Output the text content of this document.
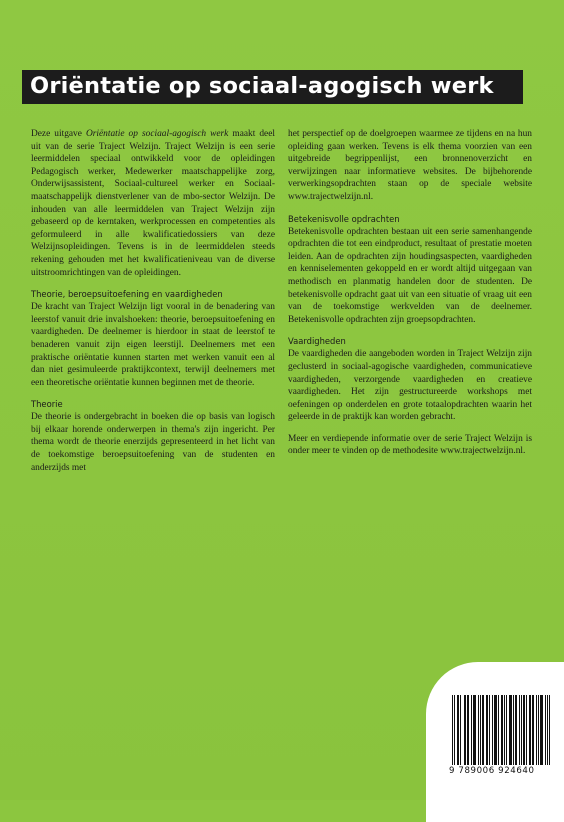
Oriëntatie op sociaal-agogisch werk

Deze uitgave Oriëntatie op sociaal-agogisch werk maakt deel uit van de serie Traject Welzijn. Traject Welzijn is een serie leermiddelen speciaal ontwikkeld voor de opleidingen Pedagogisch werker, Medewerker maatschappelijke zorg, Onderwijsassistent, Sociaal-cultureel werker en Sociaal-maatschappelijk dienstverlener van de mbo-sector Welzijn. De inhouden van alle leermiddelen van Traject Welzijn zijn gebaseerd op de kerntaken, werkprocessen en competenties als geformuleerd in alle kwalificatiedossiers van deze Welzijnsopleidingen. Tevens is in de leermiddelen steeds rekening gehouden met het kwalificatieniveau van de diverse uitstroomrichtingen van de opleidingen.

Theorie, beroepsuitoefening en vaardigheden

De kracht van Traject Welzijn ligt vooral in de benadering van leerstof vanuit drie invalshoeken: theorie, beroepsuitoefening en vaardigheden. De deelnemer is hierdoor in staat de leerstof te benaderen vanuit zijn eigen leerstijl. Deelnemers met een praktische oriëntatie kunnen starten met werken vanuit een al dan niet gesimuleerde praktijkcontext, terwijl deelnemers met een theoretische oriëntatie kunnen beginnen met de theorie.

Theorie

De theorie is ondergebracht in boeken die op basis van logisch bij elkaar horende onderwerpen in thema's zijn ingericht. Per thema wordt de theorie enerzijds gepresenteerd in het licht van de toekomstige beroepsuitoefening van de studenten en anderzijds met

het perspectief op de doelgroepen waarmee ze tijdens en na hun opleiding gaan werken. Tevens is elk thema voorzien van een uitgebreide begrippenlijst, een bronnenoverzicht en verwijzingen naar informatieve websites. De bijbehorende verwerkingsopdrachten staan op de speciale website www.trajectwelzijn.nl.

Betekenisvolle opdrachten

Betekenisvolle opdrachten bestaan uit een serie samenhangende opdrachten die tot een eindproduct, resultaat of prestatie moeten leiden. Aan de opdrachten zijn houdingsaspecten, vaardigheden en kenniselementen gekoppeld en er wordt altijd uitgegaan van methodisch en planmatig handelen door de studenten. De betekenisvolle opdracht gaat uit van een situatie of vraag uit een van de toekomstige werkvelden van de deelnemer. Betekenisvolle opdrachten zijn groepsopdrachten.

Vaardigheden

De vaardigheden die aangeboden worden in Traject Welzijn zijn geclusterd in sociaal-agogische vaardigheden, communicatieve vaardigheden, verzorgende vaardigheden en creatieve vaardigheden. Het zijn gestructureerde workshops met oefeningen op onderdelen en grote totaalopdrachten waarin het geleerde in de praktijk kan worden gebracht.

Meer en verdiepende informatie over de serie Traject Welzijn is onder meer te vinden op de methodesite www.trajectwelzijn.nl.

9 789006 924640
